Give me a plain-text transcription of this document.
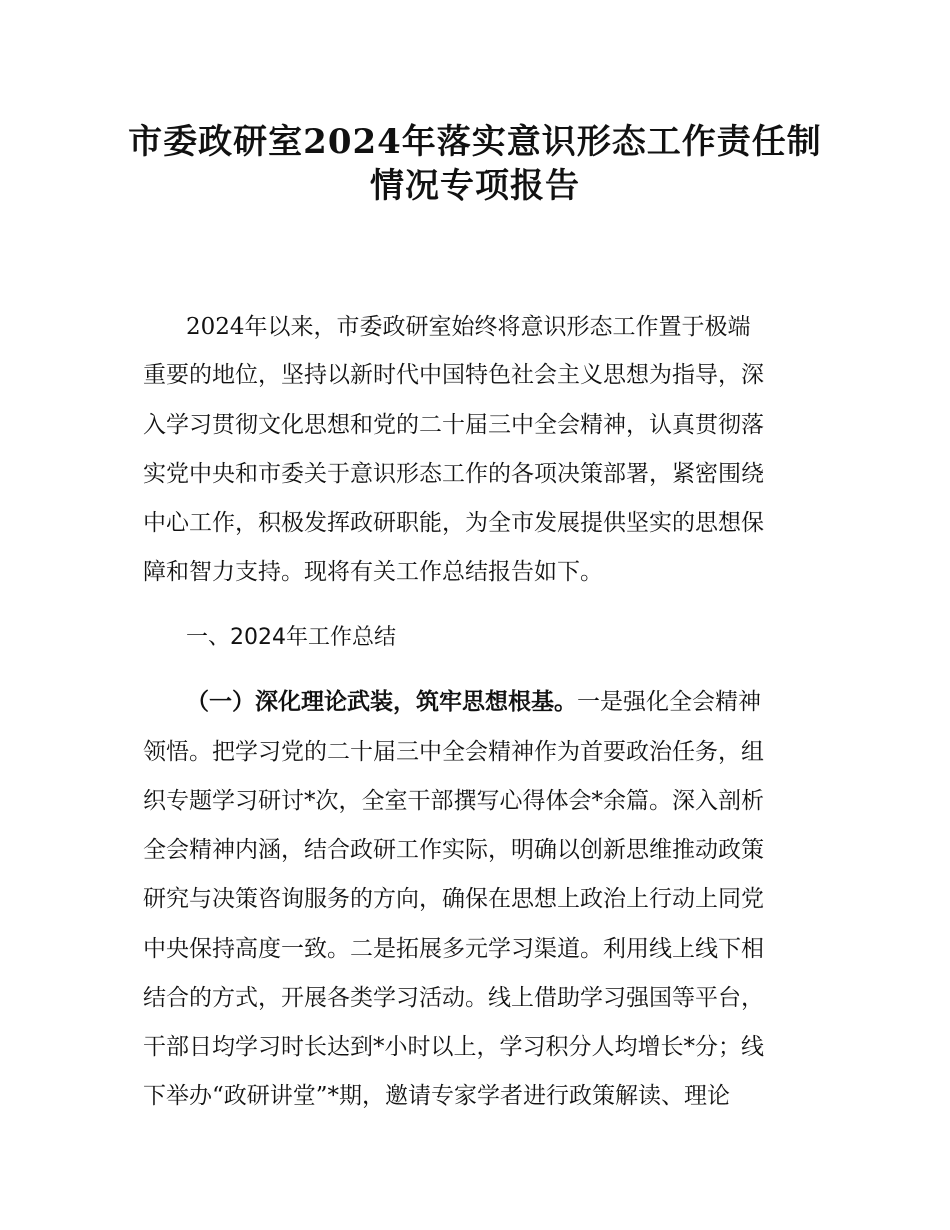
市委政研室2024年落实意识形态工作责任制
情况专项报告
2024年以来，市委政研室始终将意识形态工作置于极端
重要的地位，坚持以新时代中国特色社会主义思想为指导，深
入学习贯彻文化思想和党的二十届三中全会精神，认真贯彻落
实党中央和市委关于意识形态工作的各项决策部署，紧密围绕
中心工作，积极发挥政研职能，为全市发展提供坚实的思想保
障和智力支持。现将有关工作总结报告如下。
一、2024年工作总结
（一）深化理论武装，筑牢思想根基。一是强化全会精神
领悟。把学习党的二十届三中全会精神作为首要政治任务，组
织专题学习研讨*次，全室干部撰写心得体会*余篇。深入剖析
全会精神内涵，结合政研工作实际，明确以创新思维推动政策
研究与决策咨询服务的方向，确保在思想上政治上行动上同党
中央保持高度一致。二是拓展多元学习渠道。利用线上线下相
结合的方式，开展各类学习活动。线上借助学习强国等平台，
干部日均学习时长达到*小时以上，学习积分人均增长*分；线
下举办“政研讲堂”*期，邀请专家学者进行政策解读、理论
